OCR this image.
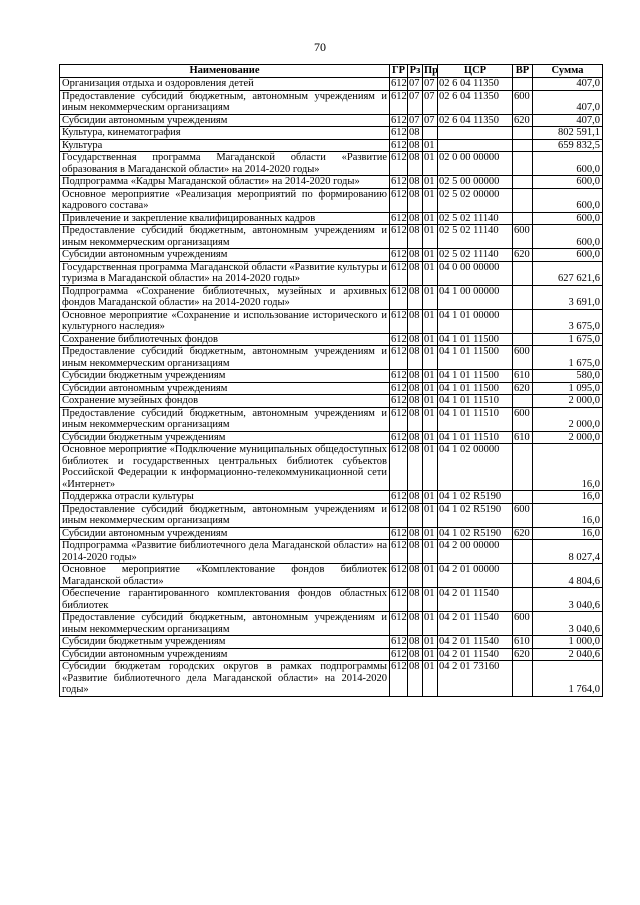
70
Наименование	ГР	Рз	Пр	ЦСР	ВР	Сумма
Организация отдыха и оздоровления детей	612	07	07	02 6 04 11350		407,0
Предоставление субсидий бюджетным, автономным учреждениям и иным некоммерческим организациям	612	07	07	02 6 04 11350	600	407,0
Субсидии автономным учреждениям	612	07	07	02 6 04 11350	620	407,0
Культура, кинематография	612	08				802 591,1
Культура	612	08	01			659 832,5
Государственная программа Магаданской области «Развитие образования в Магаданской области» на 2014-2020 годы»	612	08	01	02 0 00 00000		600,0
Подпрограмма «Кадры Магаданской области» на 2014-2020 годы»	612	08	01	02 5 00 00000		600,0
Основное мероприятие «Реализация мероприятий по формированию кадрового состава»	612	08	01	02 5 02 00000		600,0
Привлечение и закрепление квалифицированных кадров	612	08	01	02 5 02 11140		600,0
Предоставление субсидий бюджетным, автономным учреждениям и иным некоммерческим организациям	612	08	01	02 5 02 11140	600	600,0
Субсидии автономным учреждениям	612	08	01	02 5 02 11140	620	600,0
Государственная программа Магаданской области «Развитие культуры и туризма в Магаданской области» на 2014-2020 годы»	612	08	01	04 0 00 00000		627 621,6
Подпрограмма «Сохранение библиотечных, музейных и архивных фондов Магаданской области» на 2014-2020 годы»	612	08	01	04 1 00 00000		3 691,0
Основное мероприятие «Сохранение и использование исторического и культурного наследия»	612	08	01	04 1 01 00000		3 675,0
Сохранение библиотечных фондов	612	08	01	04 1 01 11500		1 675,0
Предоставление субсидий бюджетным, автономным учреждениям и иным некоммерческим организациям	612	08	01	04 1 01 11500	600	1 675,0
Субсидии бюджетным учреждениям	612	08	01	04 1 01 11500	610	580,0
Субсидии автономным учреждениям	612	08	01	04 1 01 11500	620	1 095,0
Сохранение музейных фондов	612	08	01	04 1 01 11510		2 000,0
Предоставление субсидий бюджетным, автономным учреждениям и иным некоммерческим организациям	612	08	01	04 1 01 11510	600	2 000,0
Субсидии бюджетным учреждениям	612	08	01	04 1 01 11510	610	2 000,0
Основное мероприятие «Подключение муниципальных общедоступных библиотек и государственных центральных библиотек субъектов Российской Федерации к информационно-телекоммуникационной сети «Интернет»	612	08	01	04 1 02 00000		16,0
Поддержка отрасли культуры	612	08	01	04 1 02 R5190		16,0
Предоставление субсидий бюджетным, автономным учреждениям и иным некоммерческим организациям	612	08	01	04 1 02 R5190	600	16,0
Субсидии автономным учреждениям	612	08	01	04 1 02 R5190	620	16,0
Подпрограмма «Развитие библиотечного дела Магаданской области» на 2014-2020 годы»	612	08	01	04 2 00 00000		8 027,4
Основное мероприятие «Комплектование фондов библиотек Магаданской области»	612	08	01	04 2 01 00000		4 804,6
Обеспечение гарантированного комплектования фондов областных библиотек	612	08	01	04 2 01 11540		3 040,6
Предоставление субсидий бюджетным, автономным учреждениям и иным некоммерческим организациям	612	08	01	04 2 01 11540	600	3 040,6
Субсидии бюджетным учреждениям	612	08	01	04 2 01 11540	610	1 000,0
Субсидии автономным учреждениям	612	08	01	04 2 01 11540	620	2 040,6
Субсидии бюджетам городских округов в рамках подпрограммы «Развитие библиотечного дела Магаданской области» на 2014-2020 годы»	612	08	01	04 2 01 73160		1 764,0
